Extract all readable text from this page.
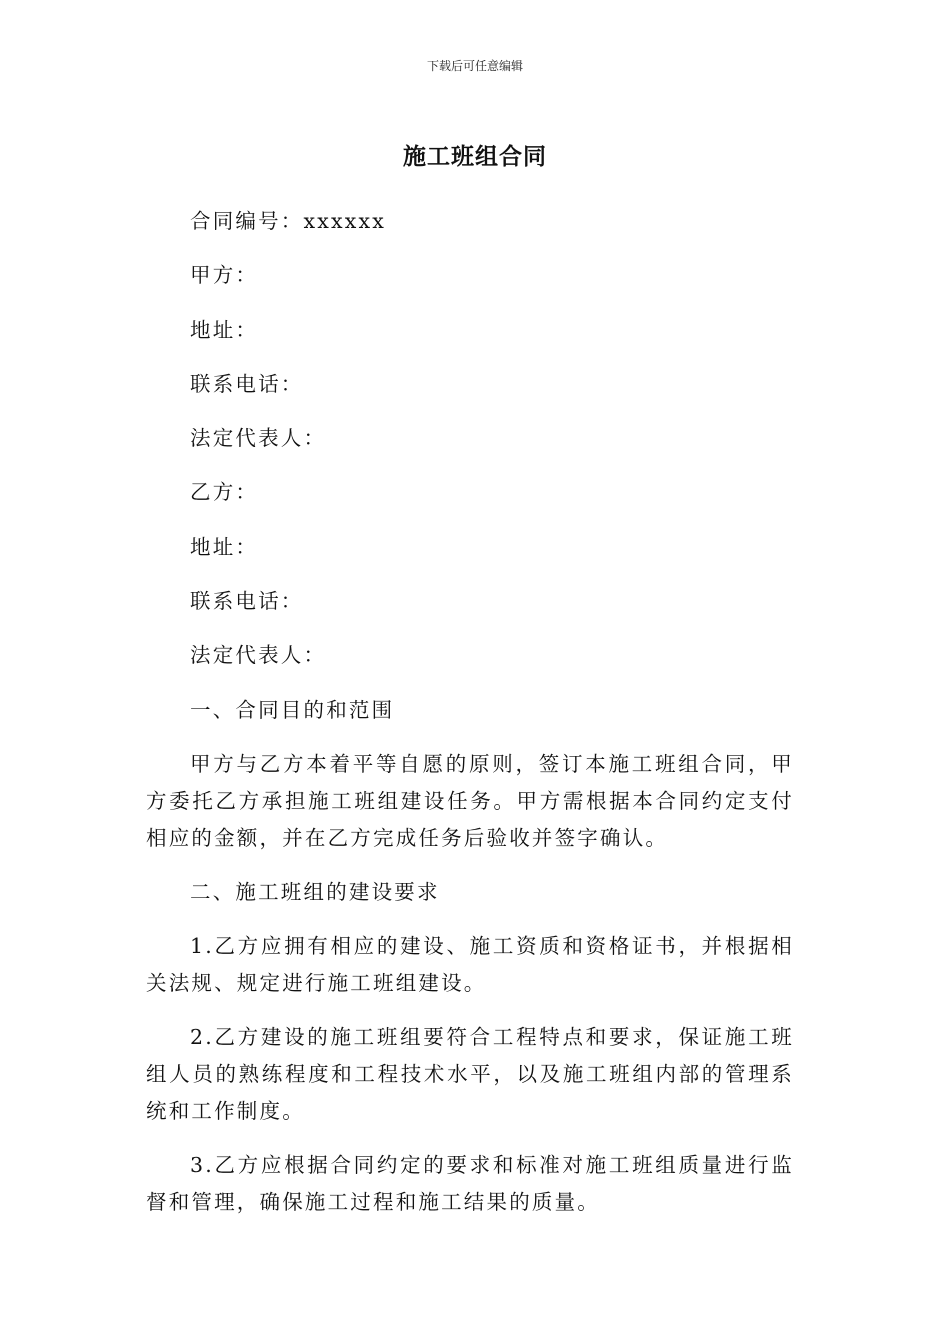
下载后可任意编辑
施工班组合同
合同编号：xxxxxx
甲方：
地址：
联系电话：
法定代表人：
乙方：
地址：
联系电话：
法定代表人：
一、合同目的和范围
甲方与乙方本着平等自愿的原则，签订本施工班组合同，甲方委托乙方承担施工班组建设任务。甲方需根据本合同约定支付相应的金额，并在乙方完成任务后验收并签字确认。
二、施工班组的建设要求
1.乙方应拥有相应的建设、施工资质和资格证书，并根据相关法规、规定进行施工班组建设。
2.乙方建设的施工班组要符合工程特点和要求，保证施工班组人员的熟练程度和工程技术水平，以及施工班组内部的管理系统和工作制度。
3.乙方应根据合同约定的要求和标准对施工班组质量进行监督和管理，确保施工过程和施工结果的质量。
